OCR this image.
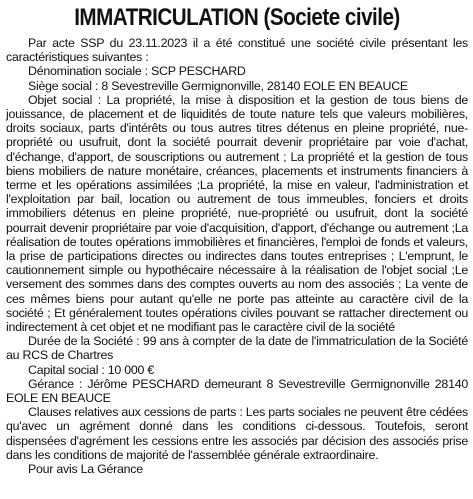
IMMATRICULATION (Societe civile)

Par acte SSP du 23.11.2023 il a été constitué une société civile présentant les caractéristiques suivantes :

Dénomination sociale : SCP PESCHARD

Siège social : 8 Sevestreville Germignonville, 28140 EOLE EN BEAUCE

Objet social : La propriété, la mise à disposition et la gestion de tous biens de jouissance, de placement et de liquidités de toute nature tels que valeurs mobilières, droits sociaux, parts d'intérêts ou tous autres titres détenus en pleine propriété, nue-propriété ou usufruit, dont la société pourrait devenir propriétaire par voie d'achat, d'échange, d'apport, de souscriptions ou autrement ; La propriété et la gestion de tous biens mobiliers de nature monétaire, créances, placements et instruments financiers à terme et les opérations assimilées ;La propriété, la mise en valeur, l'administration et l'exploitation par bail, location ou autrement de tous immeubles, fonciers et droits immobiliers détenus en pleine propriété, nue-propriété ou usufruit, dont la société pourrait devenir propriétaire par voie d'acquisition, d'apport, d'échange ou autrement ;La réalisation de toutes opérations immobilières et financières, l'emploi de fonds et valeurs, la prise de participations directes ou indirectes dans toutes entreprises ; L'emprunt, le cautionnement simple ou hypothécaire nécessaire à la réalisation de l'objet social ;Le versement des sommes dans des comptes ouverts au nom des associés ; La vente de ces mêmes biens pour autant qu'elle ne porte pas atteinte au caractère civil de la société ; Et généralement toutes opérations civiles pouvant se rattacher directement ou indirectement à cet objet et ne modifiant pas le caractère civil de la société

Durée de la Société : 99 ans à compter de la date de l'immatriculation de la Société au RCS de Chartres

Capital social : 10 000 €

Gérance : Jérôme PESCHARD demeurant 8 Sevestreville Germignonville 28140 EOLE EN BEAUCE

Clauses relatives aux cessions de parts : Les parts sociales ne peuvent être cédées qu'avec un agrément donné dans les conditions ci-dessous. Toutefois, seront dispensées d'agrément les cessions entre les associés par décision des associés prise dans les conditions de majorité de l'assemblée générale extraordinaire.

Pour avis La Gérance
